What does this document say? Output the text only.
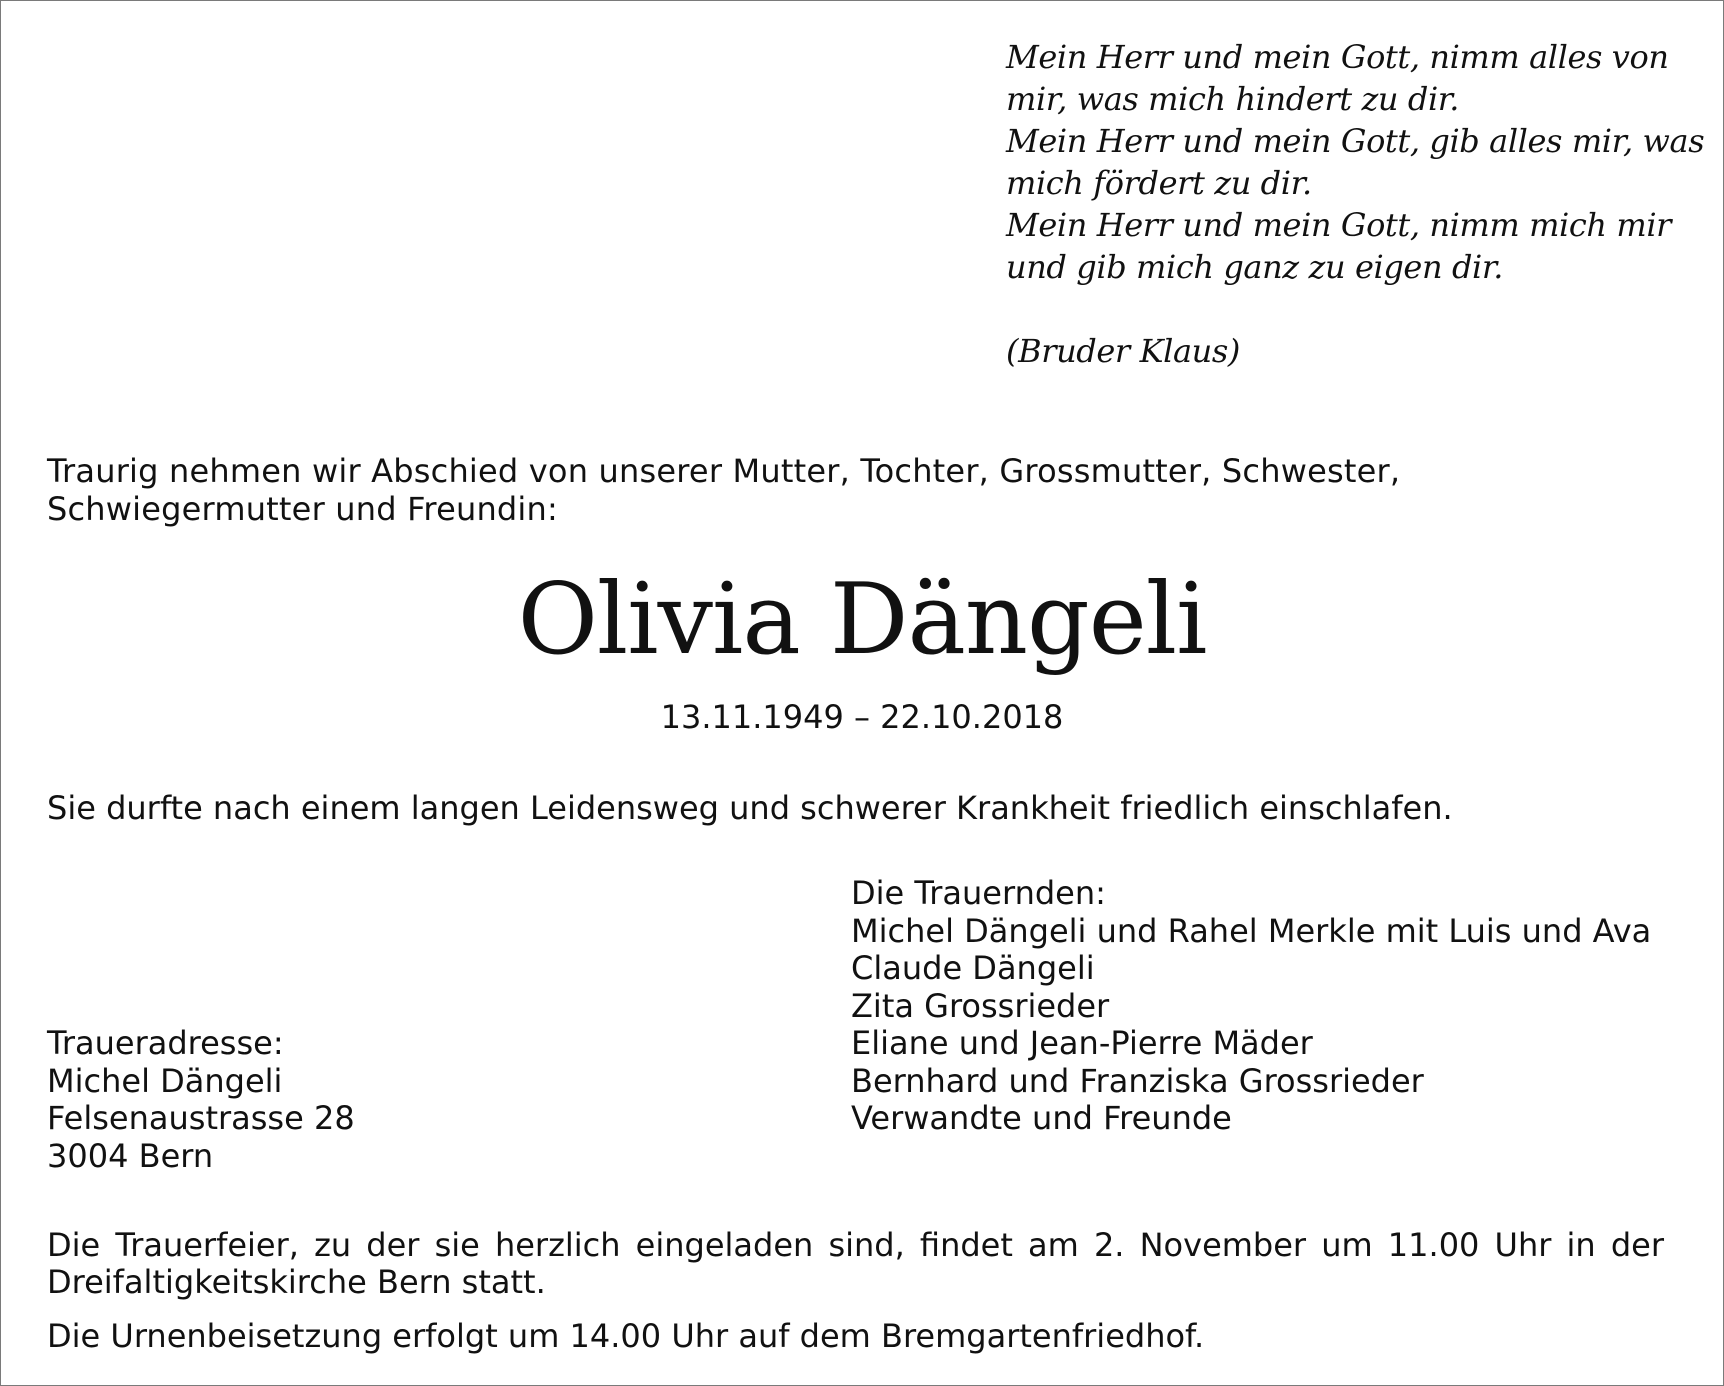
Mein Herr und mein Gott, nimm alles von
mir, was mich hindert zu dir.
Mein Herr und mein Gott, gib alles mir, was
mich fördert zu dir.
Mein Herr und mein Gott, nimm mich mir
und gib mich ganz zu eigen dir.
(Bruder Klaus)
Traurig nehmen wir Abschied von unserer Mutter, Tochter, Grossmutter, Schwester,
Schwiegermutter und Freundin:
Olivia Dängeli
13.11.1949 – 22.10.2018
Sie durfte nach einem langen Leidensweg und schwerer Krankheit friedlich einschlafen.
Die Trauernden:
Michel Dängeli und Rahel Merkle mit Luis und Ava
Claude Dängeli
Zita Grossrieder
Eliane und Jean-Pierre Mäder
Bernhard und Franziska Grossrieder
Verwandte und Freunde
Traueradresse:
Michel Dängeli
Felsenaustrasse 28
3004 Bern
Die Trauerfeier, zu der sie herzlich eingeladen sind, findet am 2. November um 11.00 Uhr in der Dreifaltigkeitskirche Bern statt.
Die Urnenbeisetzung erfolgt um 14.00 Uhr auf dem Bremgartenfriedhof.
